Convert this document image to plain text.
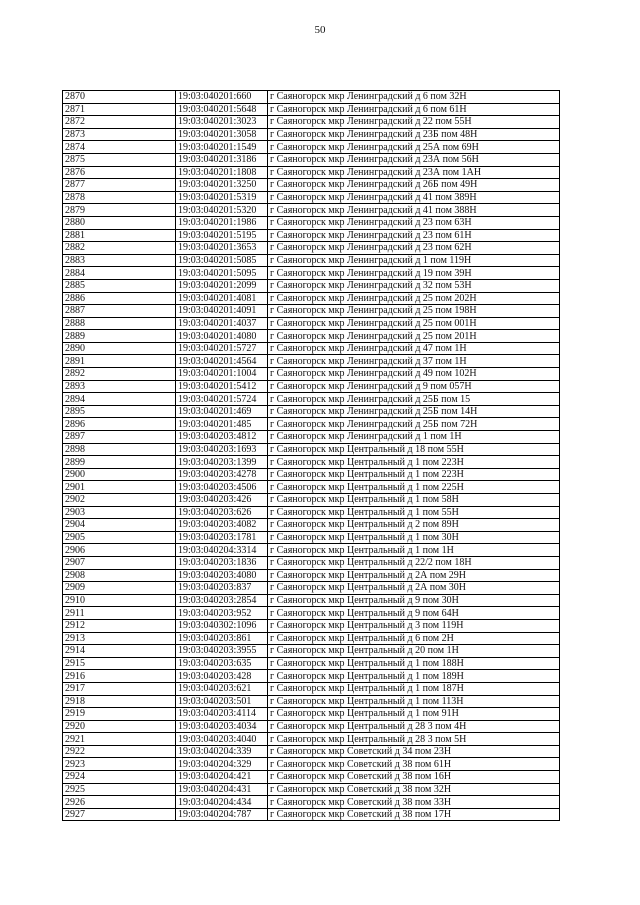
50
2870	19:03:040201:660	г Саяногорск мкр Ленинградский д 6 пом 32Н
2871	19:03:040201:5648	г Саяногорск мкр Ленинградский д 6 пом 61Н
2872	19:03:040201:3023	г Саяногорск мкр Ленинградский д 22 пом 55Н
2873	19:03:040201:3058	г Саяногорск мкр Ленинградский д 23Б пом 48Н
2874	19:03:040201:1549	г Саяногорск мкр Ленинградский д 25А пом 69Н
2875	19:03:040201:3186	г Саяногорск мкр Ленинградский д 23А пом 56Н
2876	19:03:040201:1808	г Саяногорск мкр Ленинградский д 23А пом 1АН
2877	19:03:040201:3250	г Саяногорск мкр Ленинградский д 26Б пом 49Н
2878	19:03:040201:5319	г Саяногорск мкр Ленинградский д 41 пом 389Н
2879	19:03:040201:5320	г Саяногорск мкр Ленинградский д 41 пом 388Н
2880	19:03:040201:1986	г Саяногорск мкр Ленинградский д 23 пом 63Н
2881	19:03:040201:5195	г Саяногорск мкр Ленинградский д 23 пом 61Н
2882	19:03:040201:3653	г Саяногорск мкр Ленинградский д 23 пом 62Н
2883	19:03:040201:5085	г Саяногорск мкр Ленинградский д 1 пом 119Н
2884	19:03:040201:5095	г Саяногорск мкр Ленинградский д 19 пом 39Н
2885	19:03:040201:2099	г Саяногорск мкр Ленинградский д 32 пом 53Н
2886	19:03:040201:4081	г Саяногорск мкр Ленинградский д 25 пом 202Н
2887	19:03:040201:4091	г Саяногорск мкр Ленинградский д 25 пом 198Н
2888	19:03:040201:4037	г Саяногорск мкр Ленинградский д 25 пом 001Н
2889	19:03:040201:4080	г Саяногорск мкр Ленинградский д 25 пом 201Н
2890	19:03:040201:5727	г Саяногорск мкр Ленинградский д 47 пом 1Н
2891	19:03:040201:4564	г Саяногорск мкр Ленинградский д 37 пом 1Н
2892	19:03:040201:1004	г Саяногорск мкр Ленинградский д 49 пом 102Н
2893	19:03:040201:5412	г Саяногорск мкр Ленинградский д 9 пом 057Н
2894	19:03:040201:5724	г Саяногорск мкр Ленинградский д 25Б пом 15
2895	19:03:040201:469	г Саяногорск мкр Ленинградский д 25Б пом 14Н
2896	19:03:040201:485	г Саяногорск мкр Ленинградский д 25Б пом 72Н
2897	19:03:040203:4812	г Саяногорск мкр Ленинградский д 1 пом 1Н
2898	19:03:040203:1693	г Саяногорск мкр Центральный д 18 пом 55Н
2899	19:03:040203:1399	г Саяногорск мкр Центральный д 1 пом 223Н
2900	19:03:040203:4278	г Саяногорск мкр Центральный д 1 пом 223Н
2901	19:03:040203:4506	г Саяногорск мкр Центральный д 1 пом 225Н
2902	19:03:040203:426	г Саяногорск мкр Центральный д 1 пом 58Н
2903	19:03:040203:626	г Саяногорск мкр Центральный д 1 пом 55Н
2904	19:03:040203:4082	г Саяногорск мкр Центральный д 2 пом 89Н
2905	19:03:040203:1781	г Саяногорск мкр Центральный д 1 пом 30Н
2906	19:03:040204:3314	г Саяногорск мкр Центральный д 1 пом 1Н
2907	19:03:040203:1836	г Саяногорск мкр Центральный д 22/2 пом 18Н
2908	19:03:040203:4080	г Саяногорск мкр Центральный д 2А пом 29Н
2909	19:03:040203:837	г Саяногорск мкр Центральный д 2А пом 30Н
2910	19:03:040203:2854	г Саяногорск мкр Центральный д 9 пом 30Н
2911	19:03:040203:952	г Саяногорск мкр Центральный д 9 пом 64Н
2912	19:03:040302:1096	г Саяногорск мкр Центральный д 3 пом 119Н
2913	19:03:040203:861	г Саяногорск мкр Центральный д 6 пом 2Н
2914	19:03:040203:3955	г Саяногорск мкр Центральный д 20 пом 1Н
2915	19:03:040203:635	г Саяногорск мкр Центральный д 1 пом 188Н
2916	19:03:040203:428	г Саяногорск мкр Центральный д 1 пом 189Н
2917	19:03:040203:621	г Саяногорск мкр Центральный д 1 пом 187Н
2918	19:03:040203:501	г Саяногорск мкр Центральный д 1 пом 113Н
2919	19:03:040203:4114	г Саяногорск мкр Центральный д 1 пом 91Н
2920	19:03:040203:4034	г Саяногорск мкр Центральный д 28 3 пом 4Н
2921	19:03:040203:4040	г Саяногорск мкр Центральный д 28 3 пом 5Н
2922	19:03:040204:339	г Саяногорск мкр Советский д 34 пом 23Н
2923	19:03:040204:329	г Саяногорск мкр Советский д 38 пом 61Н
2924	19:03:040204:421	г Саяногорск мкр Советский д 38 пом 16Н
2925	19:03:040204:431	г Саяногорск мкр Советский д 38 пом 32Н
2926	19:03:040204:434	г Саяногорск мкр Советский д 38 пом 33Н
2927	19:03:040204:787	г Саяногорск мкр Советский д 38 пом 17Н
